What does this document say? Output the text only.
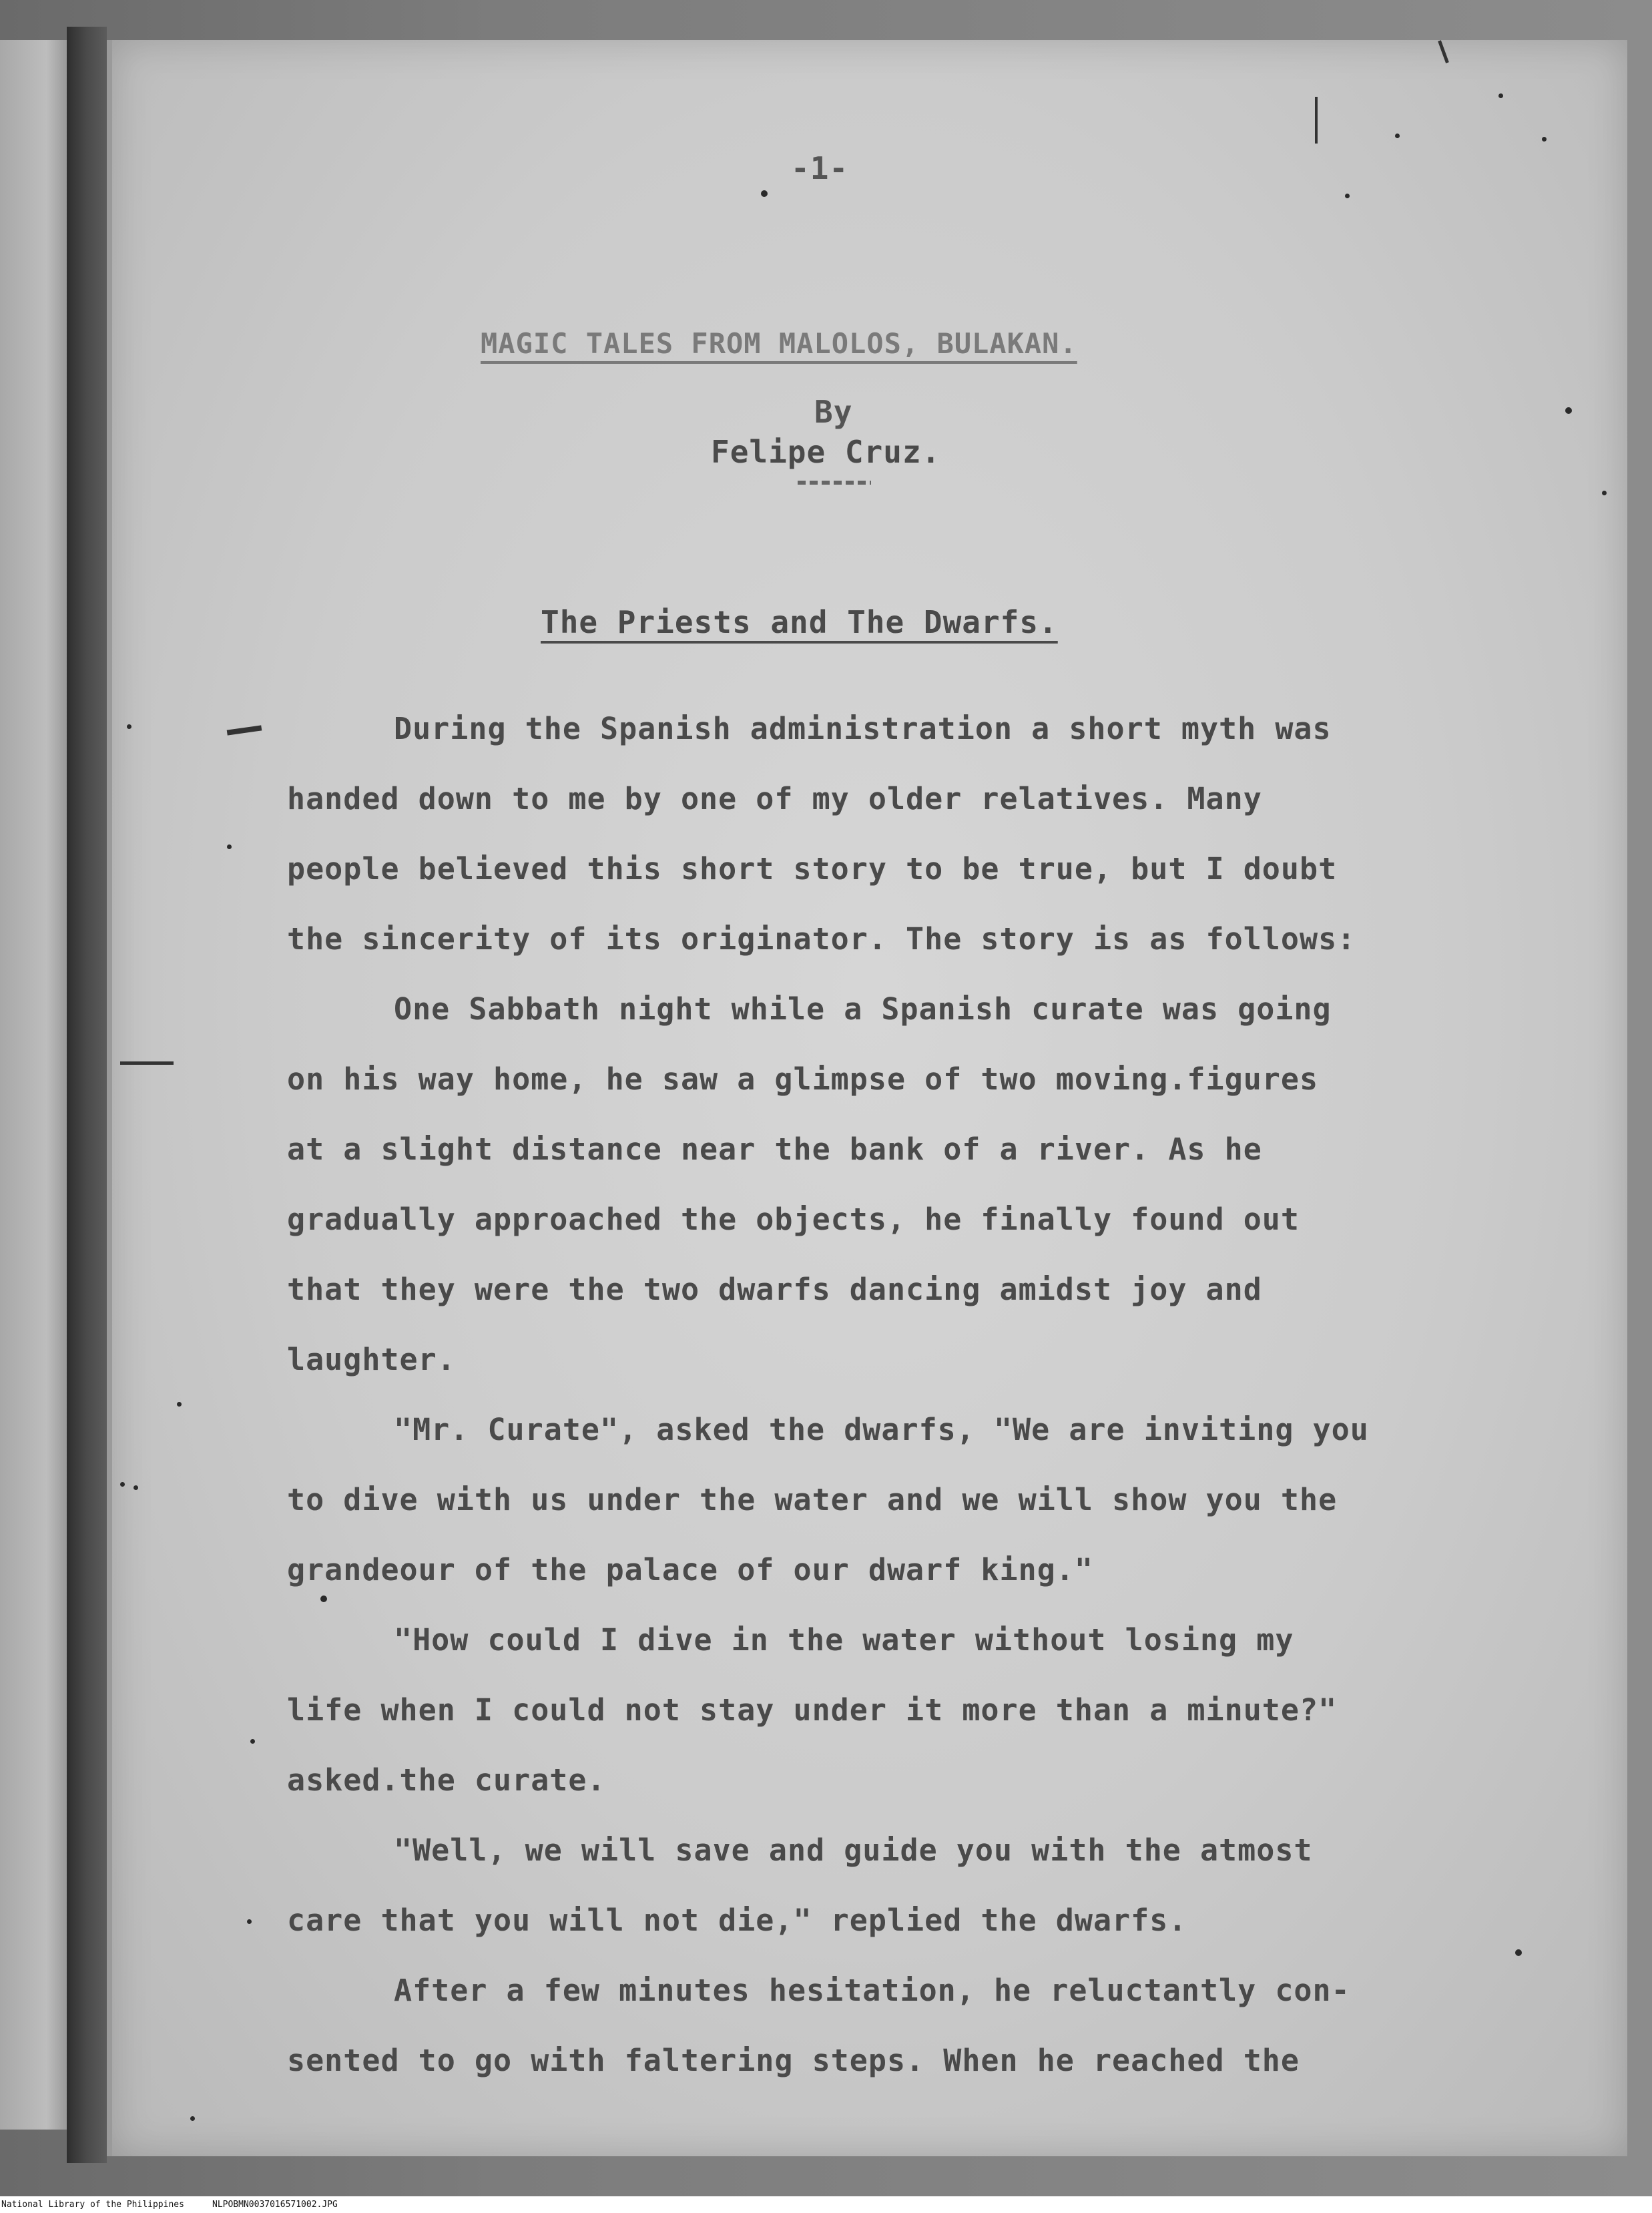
-1-
MAGIC TALES FROM MALOLOS, BULAKAN.
By
Felipe Cruz.
The Priests and The Dwarfs.
During the Spanish administration a short myth was
handed down to me by one of my older relatives. Many
people believed this short story to be true, but I doubt
the sincerity of its originator. The story is as follows:
One Sabbath night while a Spanish curate was going
on his way home, he saw a glimpse of two moving.figures
at a slight distance near the bank of a river. As he
gradually approached the objects, he finally found out
that they were the two dwarfs dancing amidst joy and
laughter.
"Mr. Curate", asked the dwarfs, "We are inviting you
to dive with us under the water and we will show you the
grandeour of the palace of our dwarf king."
"How could I dive in the water without losing my
life when I could not stay under it more than a minute?"
asked.the curate.
"Well, we will save and guide you with the atmost
care that you will not die," replied the dwarfs.
After a few minutes hesitation, he reluctantly con-
sented to go with faltering steps. When he reached the
National Library of the Philippines	NLPOBMN0037016571002.JPG
